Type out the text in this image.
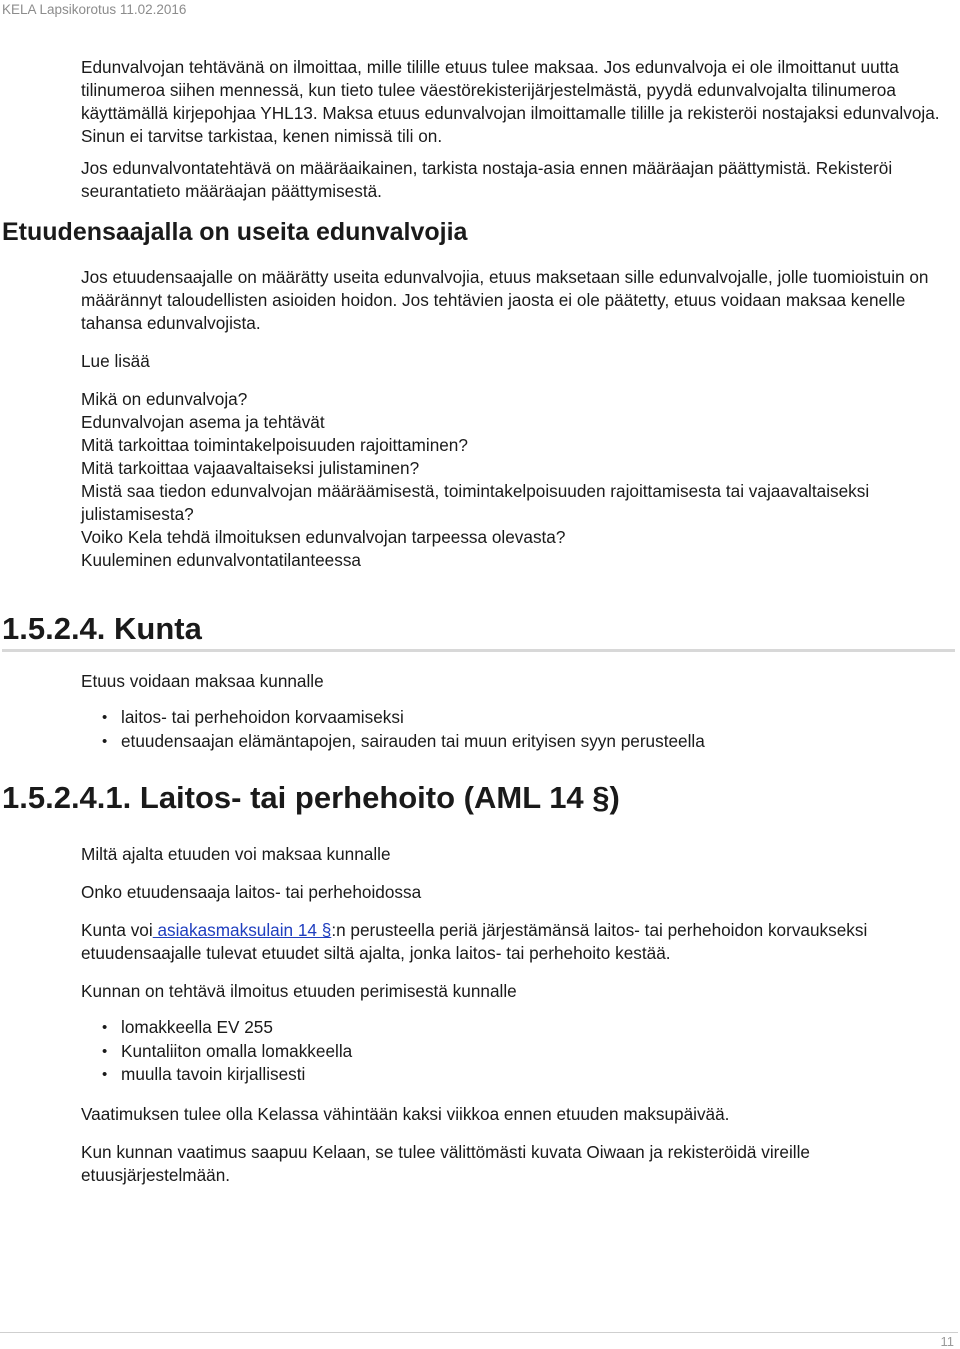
KELA Lapsikorotus 11.02.2016

Edunvalvojan tehtävänä on ilmoittaa, mille tilille etuus tulee maksaa. Jos edunvalvoja ei ole ilmoittanut uutta tilinumeroa siihen mennessä, kun tieto tulee väestörekisterijärjestelmästä, pyydä edunvalvojalta tilinumeroa käyttämällä kirjepohjaa YHL13. Maksa etuus edunvalvojan ilmoittamalle tilille ja rekisteröi nostajaksi edunvalvoja. Sinun ei tarvitse tarkistaa, kenen nimissä tili on.

Jos edunvalvontatehtävä on määräaikainen, tarkista nostaja-asia ennen määräajan päättymistä. Rekisteröi seurantatieto määräajan päättymisestä.

Etuudensaajalla on useita edunvalvojia

Jos etuudensaajalle on määrätty useita edunvalvojia, etuus maksetaan sille edunvalvojalle, jolle tuomioistuin on määrännyt taloudellisten asioiden hoidon. Jos tehtävien jaosta ei ole päätetty, etuus voidaan maksaa kenelle tahansa edunvalvojista.

Lue lisää

Mikä on edunvalvoja?

Edunvalvojan asema ja tehtävät

Mitä tarkoittaa toimintakelpoisuuden rajoittaminen?

Mitä tarkoittaa vajaavaltaiseksi julistaminen?

Mistä saa tiedon edunvalvojan määräämisestä, toimintakelpoisuuden rajoittamisesta tai vajaavaltaiseksi julistamisesta?

Voiko Kela tehdä ilmoituksen edunvalvojan tarpeessa olevasta?

Kuuleminen edunvalvontatilanteessa

1.5.2.4. Kunta

Etuus voidaan maksaa kunnalle

• laitos- tai perhehoidon korvaamiseksi
• etuudensaajan elämäntapojen, sairauden tai muun erityisen syyn perusteella
1.5.2.4.1. Laitos- tai perhehoito (AML 14 §)

Miltä ajalta etuuden voi maksaa kunnalle

Onko etuudensaaja laitos- tai perhehoidossa

Kunta voi asiakasmaksulain 14 §:n perusteella periä järjestämänsä laitos- tai perhehoidon korvaukseksi etuudensaajalle tulevat etuudet siltä ajalta, jonka laitos- tai perhehoito kestää.

Kunnan on tehtävä ilmoitus etuuden perimisestä kunnalle

• lomakkeella EV 255
• Kuntaliiton omalla lomakkeella
• muulla tavoin kirjallisesti

Vaatimuksen tulee olla Kelassa vähintään kaksi viikkoa ennen etuuden maksupäivää.

Kun kunnan vaatimus saapuu Kelaan, se tulee välittömästi kuvata Oiwaan ja rekisteröidä vireille etuusjärjestelmään.

11
